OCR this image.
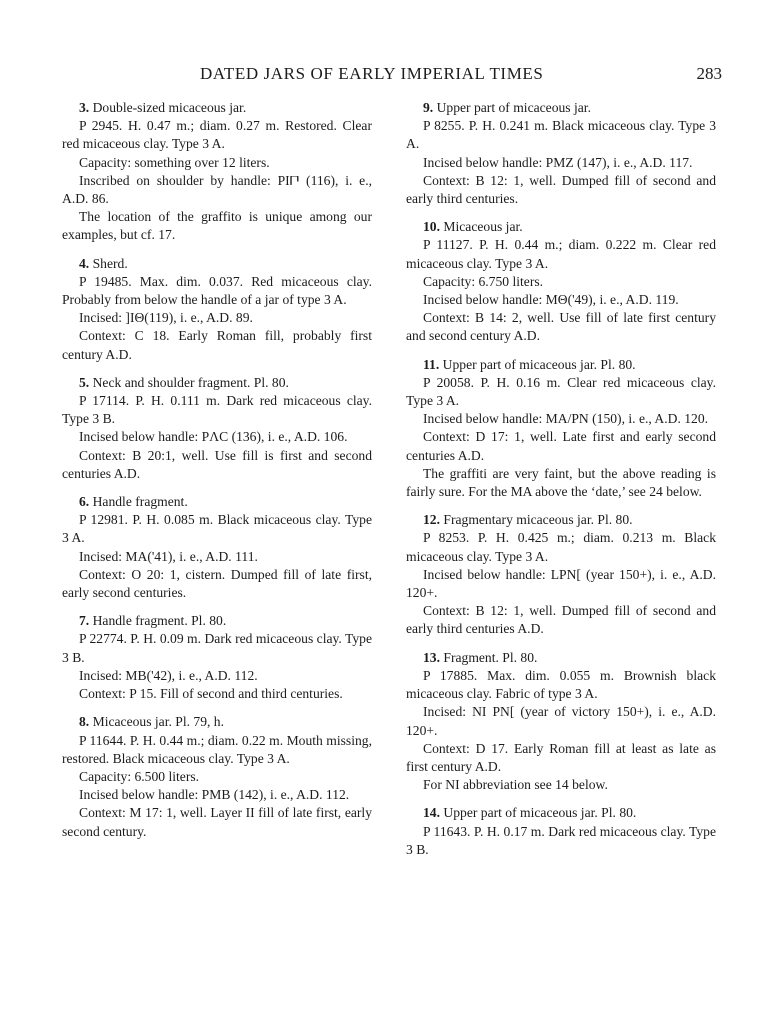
DATED JARS OF EARLY IMPERIAL TIMES	283

3. Double-sized micaceous jar.

P 2945. H. 0.47 m.; diam. 0.27 m. Restored. Clear red micaceous clay. Type 3 A.

Capacity: something over 12 liters.

Inscribed on shoulder by handle: PI𐅃 (116), i. e., A.D. 86.

The location of the graffito is unique among our examples, but cf. 17.

4. Sherd.

P 19485. Max. dim. 0.037. Red micaceous clay. Probably from below the handle of a jar of type 3 A.

Incised: ]IΘ(119), i. e., A.D. 89.

Context: C 18. Early Roman fill, probably first century A.D.

5. Neck and shoulder fragment. Pl. 80.

P 17114. P. H. 0.111 m. Dark red micaceous clay. Type 3 B.

Incised below handle: PΛC (136), i. e., A.D. 106.

Context: B 20:1, well. Use fill is first and second centuries A.D.

6. Handle fragment.

P 12981. P. H. 0.085 m. Black micaceous clay. Type 3 A.

Incised: MA('41), i. e., A.D. 111.

Context: O 20: 1, cistern. Dumped fill of late first, early second centuries.

7. Handle fragment. Pl. 80.

P 22774. P. H. 0.09 m. Dark red micaceous clay. Type 3 B.

Incised: MB('42), i. e., A.D. 112.

Context: P 15. Fill of second and third centuries.

8. Micaceous jar. Pl. 79, h.

P 11644. P. H. 0.44 m.; diam. 0.22 m. Mouth missing, restored. Black micaceous clay. Type 3 A.

Capacity: 6.500 liters.

Incised below handle: PMB (142), i. e., A.D. 112.

Context: M 17: 1, well. Layer II fill of late first, early second century.

9. Upper part of micaceous jar.

P 8255. P. H. 0.241 m. Black micaceous clay. Type 3 A.

Incised below handle: PMZ (147), i. e., A.D. 117.

Context: B 12: 1, well. Dumped fill of second and early third centuries.

10. Micaceous jar.

P 11127. P. H. 0.44 m.; diam. 0.222 m. Clear red micaceous clay. Type 3 A.

Capacity: 6.750 liters.

Incised below handle: MΘ('49), i. e., A.D. 119.

Context: B 14: 2, well. Use fill of late first century and second century A.D.

11. Upper part of micaceous jar. Pl. 80.

P 20058. P. H. 0.16 m. Clear red micaceous clay. Type 3 A.

Incised below handle: MA/PN (150), i. e., A.D. 120.

Context: D 17: 1, well. Late first and early second centuries A.D.

The graffiti are very faint, but the above reading is fairly sure. For the MA above the ‘date,’ see 24 below.

12. Fragmentary micaceous jar. Pl. 80.

P 8253. P. H. 0.425 m.; diam. 0.213 m. Black micaceous clay. Type 3 A.

Incised below handle: LPN[ (year 150+), i. e., A.D. 120+.

Context: B 12: 1, well. Dumped fill of second and early third centuries A.D.

13. Fragment. Pl. 80.

P 17885. Max. dim. 0.055 m. Brownish black micaceous clay. Fabric of type 3 A.

Incised: NI PN[ (year of victory 150+), i. e., A.D. 120+.

Context: D 17. Early Roman fill at least as late as first century A.D.

For NI abbreviation see 14 below.

14. Upper part of micaceous jar. Pl. 80.

P 11643. P. H. 0.17 m. Dark red micaceous clay. Type 3 B.
